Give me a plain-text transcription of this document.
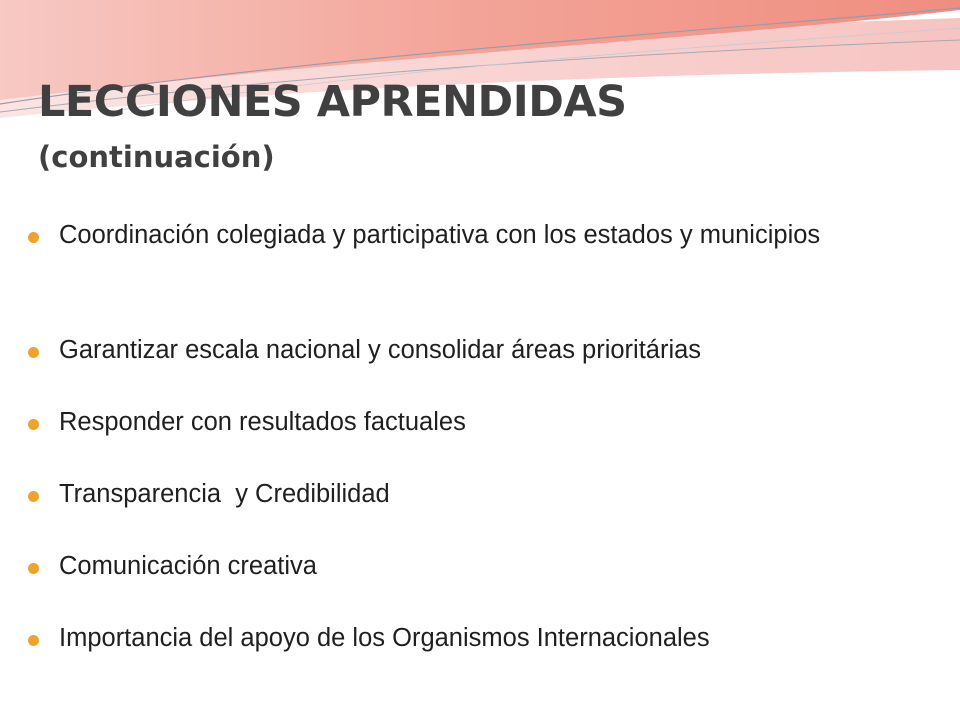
LECCIONES APRENDIDAS
(continuación)
Coordinación colegiada y participativa con los estados y municipios
Garantizar escala nacional y consolidar áreas prioritárias
Responder con resultados factuales
Transparencia  y Credibilidad
Comunicación creativa
Importancia del apoyo de los Organismos Internacionales
